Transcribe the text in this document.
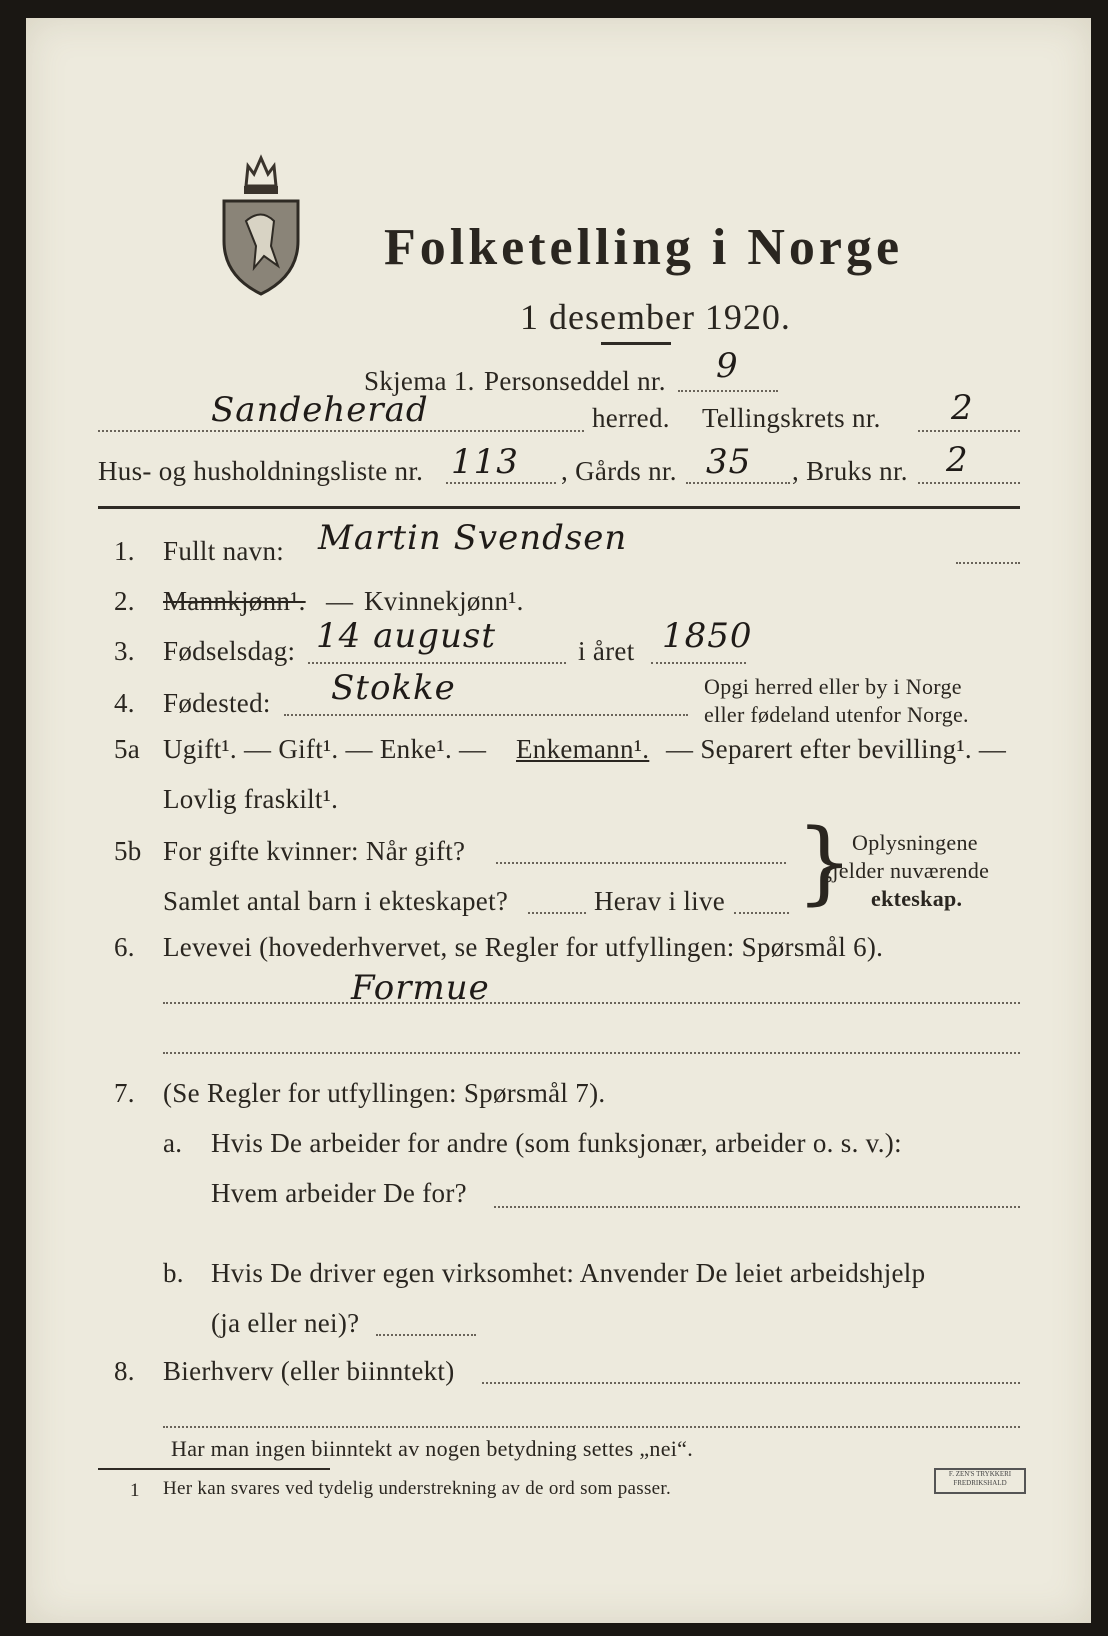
Folketelling i Norge
1 desember 1920.
Skjema 1. Personseddel nr. 9
Sandeherad	herred. Tellingskrets nr. 2
Hus- og husholdningsliste nr. 113 , Gårds nr. 35 , Bruks nr. 2
1. Fullt navn: Martin Svendsen
2. Mannkjønn¹. — Kvinnekjønn¹.
3. Fødselsdag: 14 august	i året 1850
4. Fødested: Stokke	Opgi herred eller by i Norge
eller fødeland utenfor Norge.
5a Ugift¹. — Gift¹. — Enke¹. — Enkemann¹. — Separert efter bevilling¹. —
Lovlig fraskilt¹.
5b For gifte kvinner: Når gift?
Samlet antal barn i ekteskapet?	Herav i live }
Oplysningene
gjelder nuværende
ekteskap.
6. Levevei (hovederhvervet, se Regler for utfyllingen: Spørsmål 6).
Formue
7. (Se Regler for utfyllingen: Spørsmål 7).
a. Hvis De arbeider for andre (som funksjonær, arbeider o. s. v.):
Hvem arbeider De for?
b. Hvis De driver egen virksomhet: Anvender De leiet arbeidshjelp
(ja eller nei)?
8. Bierhverv (eller biinntekt)
Har man ingen biinntekt av nogen betydning settes „nei“.
1 Her kan svares ved tydelig understrekning av de ord som passer.
F. ZEN'S TRYKKERI FREDRIKSHALD
